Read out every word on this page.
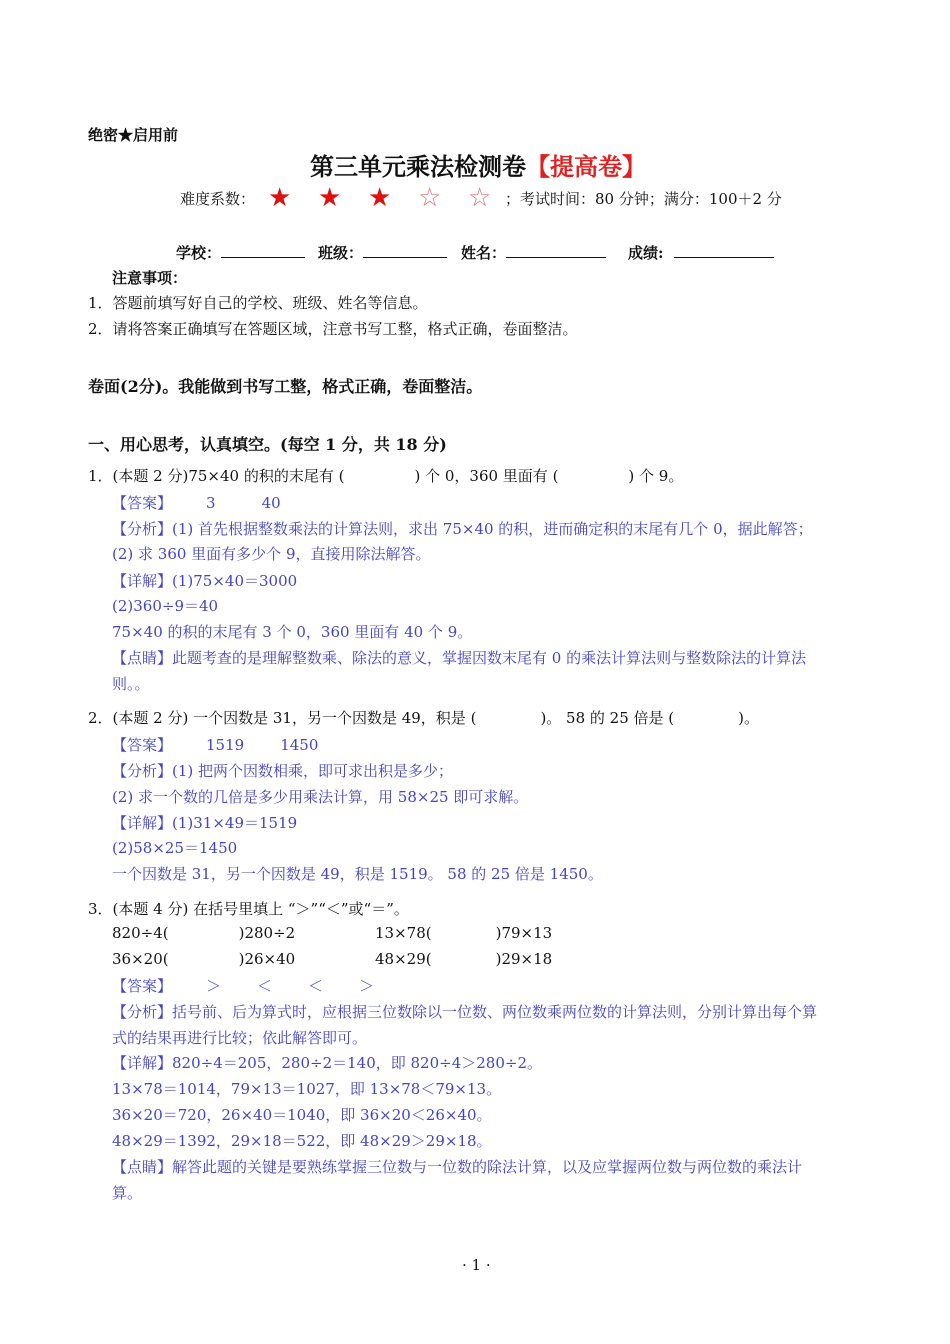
绝密★启用前
第三单元乘法检测卷【提高卷】
难度系数： ★ ★ ★ ☆ ☆ ；考试时间：80 分钟；满分：100＋2 分
学校：	班级：	姓名：	成绩:
注意事项：
1．答题前填写好自己的学校、班级、姓名等信息。
2．请将答案正确填写在答题区域，注意书写工整，格式正确，卷面整洁。
卷面(2分)。我能做到书写工整，格式正确，卷面整洁。
一、用心思考，认真填空。(每空 1 分，共 18 分)
1．(本题 2 分)75×40 的积的末尾有 (	) 个 0，360 里面有 (	) 个 9。
【答案】 3	40
【分析】(1) 首先根据整数乘法的计算法则，求出 75×40 的积，进而确定积的末尾有几个 0，据此解答；
(2) 求 360 里面有多少个 9，直接用除法解答。
【详解】(1)75×40＝3000
(2)360÷9＝40
75×40 的积的末尾有 3 个 0，360 里面有 40 个 9。
【点睛】此题考查的是理解整数乘、除法的意义，掌握因数末尾有 0 的乘法计算法则与整数除法的计算法
则。。
2．(本题 2 分) 一个因数是 31，另一个因数是 49，积是 (	)。 58 的 25 倍是 (	)。
【答案】 1519 1450
【分析】(1) 把两个因数相乘，即可求出积是多少；
(2) 求一个数的几倍是多少用乘法计算，用 58×25 即可求解。
【详解】(1)31×49＝1519
(2)58×25＝1450
一个因数是 31，另一个因数是 49，积是 1519。 58 的 25 倍是 1450。
3．(本题 4 分) 在括号里填上 “＞”“＜”或“＝”。
820÷4(	)280÷2	13×78(	)79×13
36×20(	)26×40	48×29(	)29×18
【答案】 ＞ ＜ ＜ ＞
【分析】括号前、后为算式时，应根据三位数除以一位数、两位数乘两位数的计算法则，分别计算出每个算
式的结果再进行比较；依此解答即可。
【详解】820÷4＝205，280÷2＝140，即 820÷4＞280÷2。
13×78＝1014，79×13＝1027，即 13×78＜79×13。
36×20＝720，26×40＝1040，即 36×20＜26×40。
48×29＝1392，29×18＝522，即 48×29＞29×18。
【点睛】解答此题的关键是要熟练掌握三位数与一位数的除法计算，以及应掌握两位数与两位数的乘法计
算。
· 1 ·
